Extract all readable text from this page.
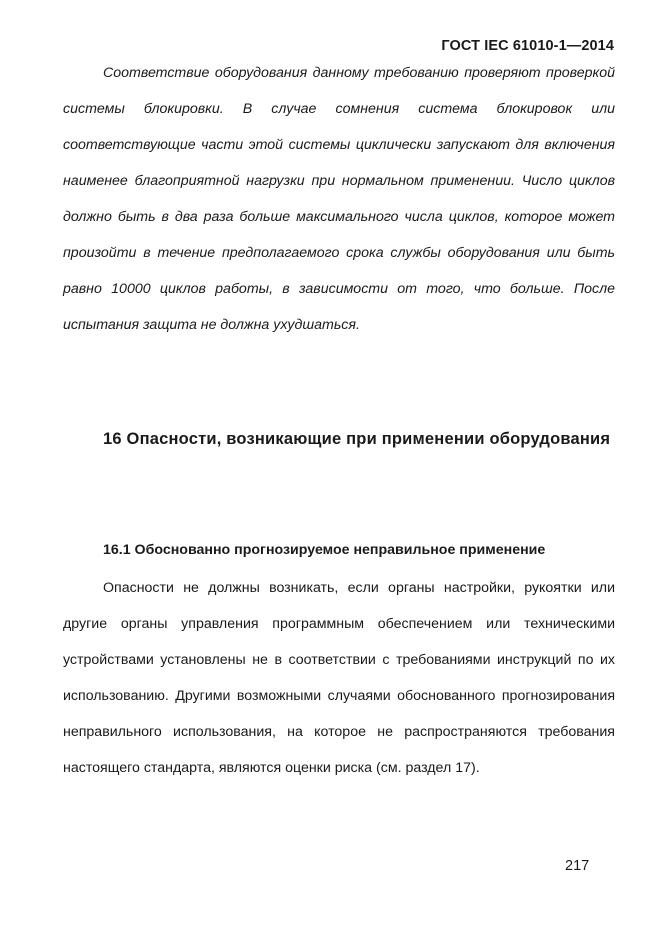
ГОСТ IEC 61010-1—2014

Соответствие оборудования данному требованию проверяют проверкой системы блокировки. В случае сомнения система блокировок или соответствующие части этой системы циклически запускают для включения наименее благоприятной нагрузки при нормальном применении. Число циклов должно быть в два раза больше максимального числа циклов, которое может произойти в течение предполагаемого срока службы оборудования или быть равно 10000 циклов работы, в зависимости от того, что больше. После испытания защита не должна ухудшаться.

16 Опасности, возникающие при применении оборудования
16.1 Обоснованно прогнозируемое неправильное применение

Опасности не должны возникать, если органы настройки, рукоятки или другие органы управления программным обеспечением или техническими устройствами установлены не в соответствии с требованиями инструкций по их использованию. Другими возможными случаями обоснованного прогнозирования неправильного использования, на которое не распространяются требования настоящего стандарта, являются оценки риска (см. раздел 17).

217
